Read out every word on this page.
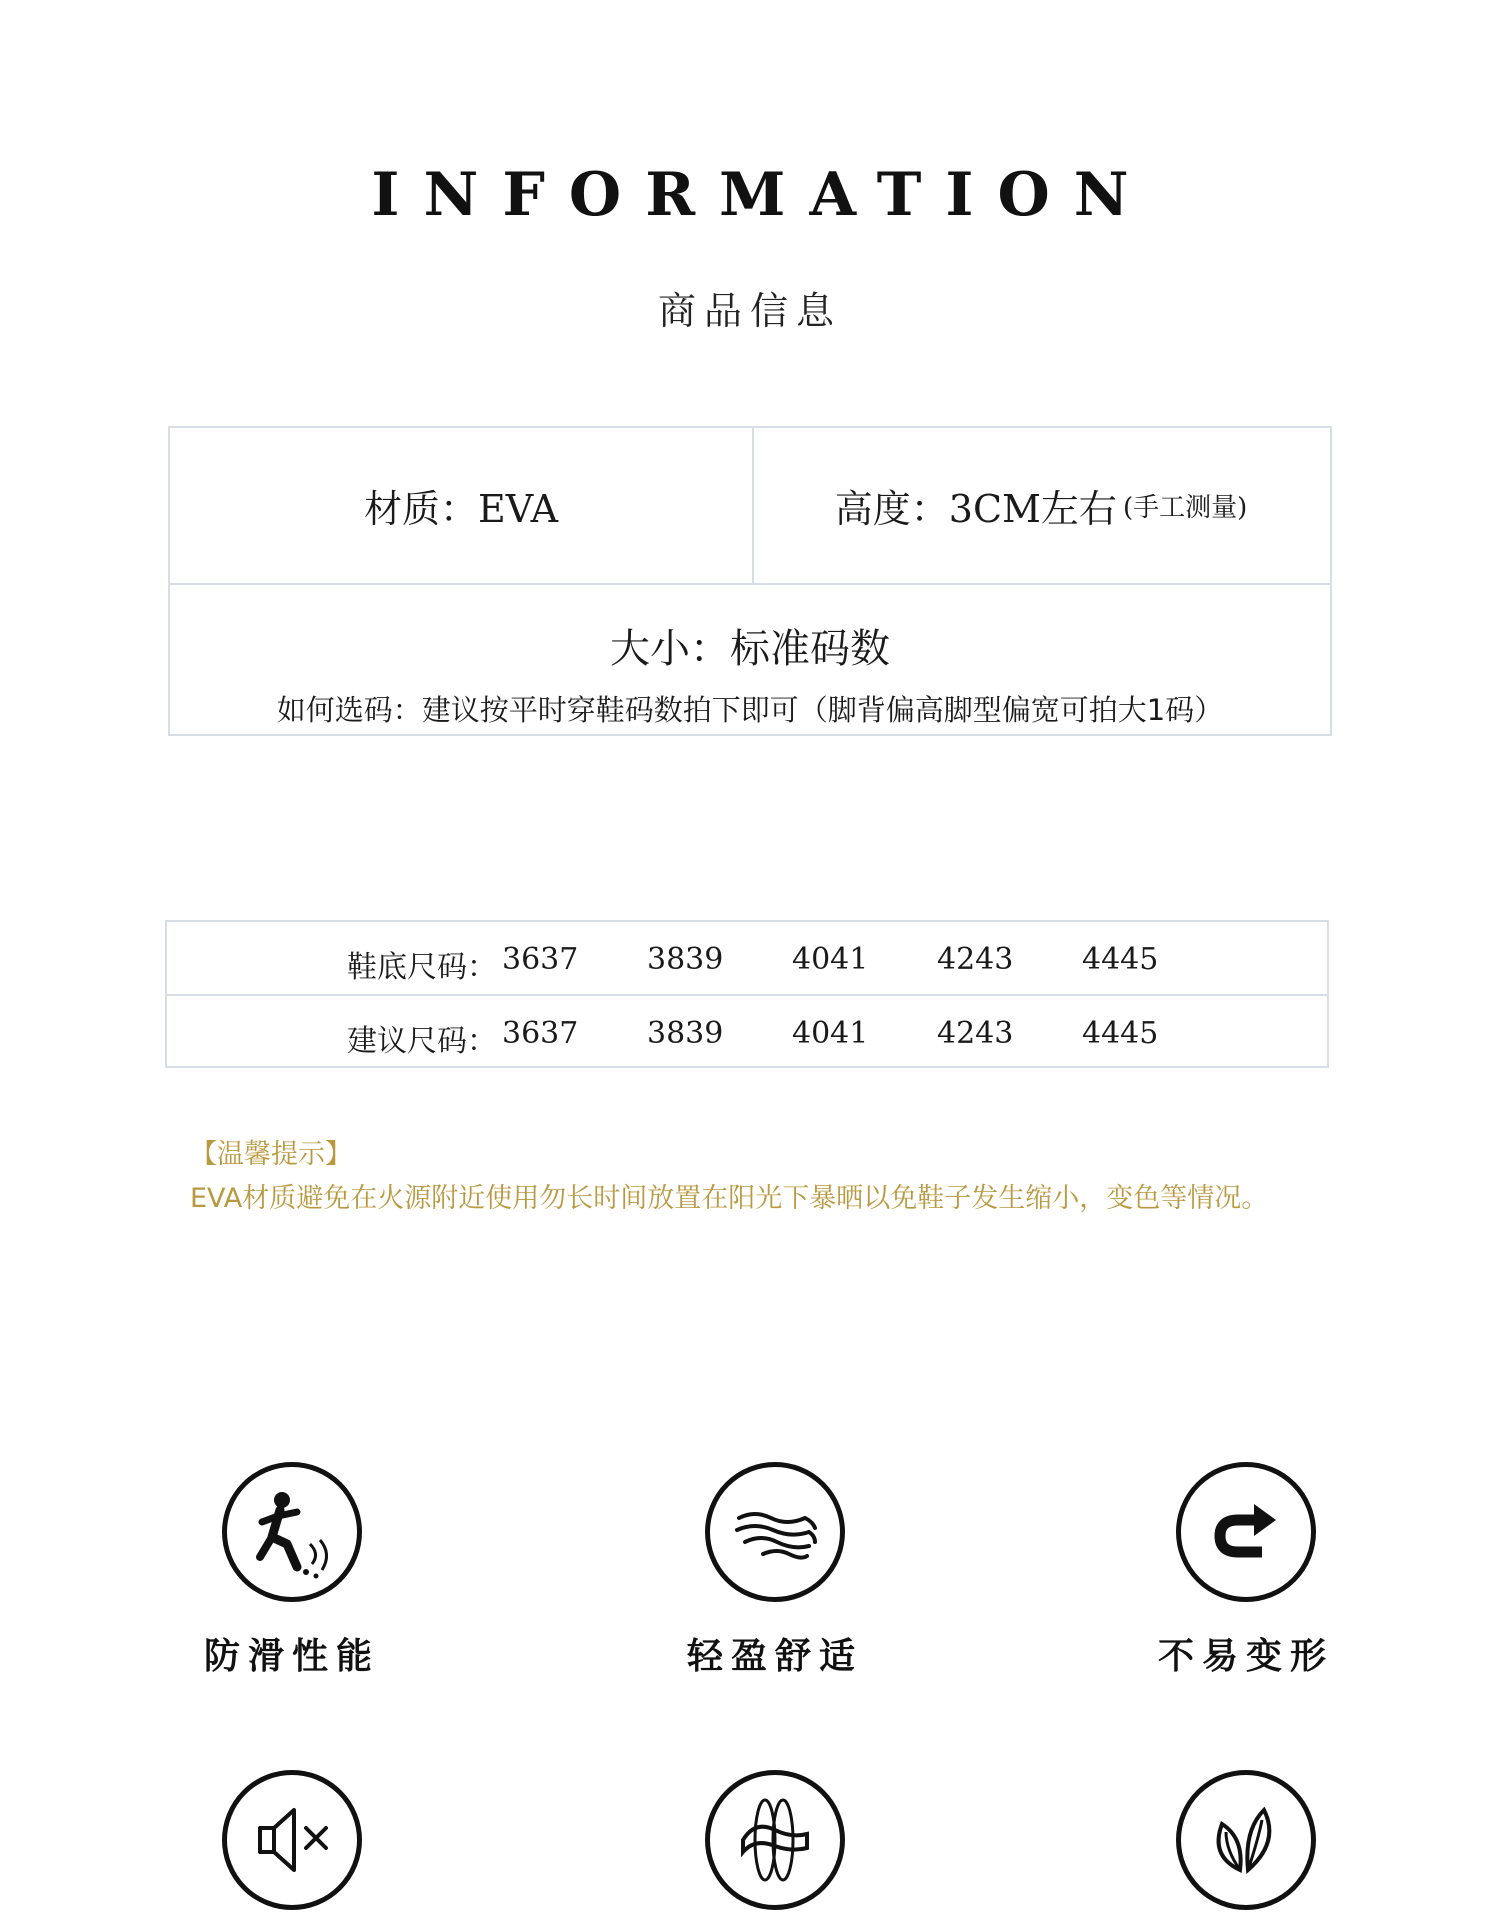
INFORMATION
商品信息
材质：EVA	高度：3CM左右 (手工测量)
大小：标准码数
如何选码：建议按平时穿鞋码数拍下即可（脚背偏高脚型偏宽可拍大1码）
鞋底尺码： 3637 3839 4041 4243 4445
建议尺码： 3637 3839 4041 4243 4445
【温馨提示】
EVA材质避免在火源附近使用勿长时间放置在阳光下暴晒以免鞋子发生缩小，变色等情况。
防滑性能	轻盈舒适	不易变形
